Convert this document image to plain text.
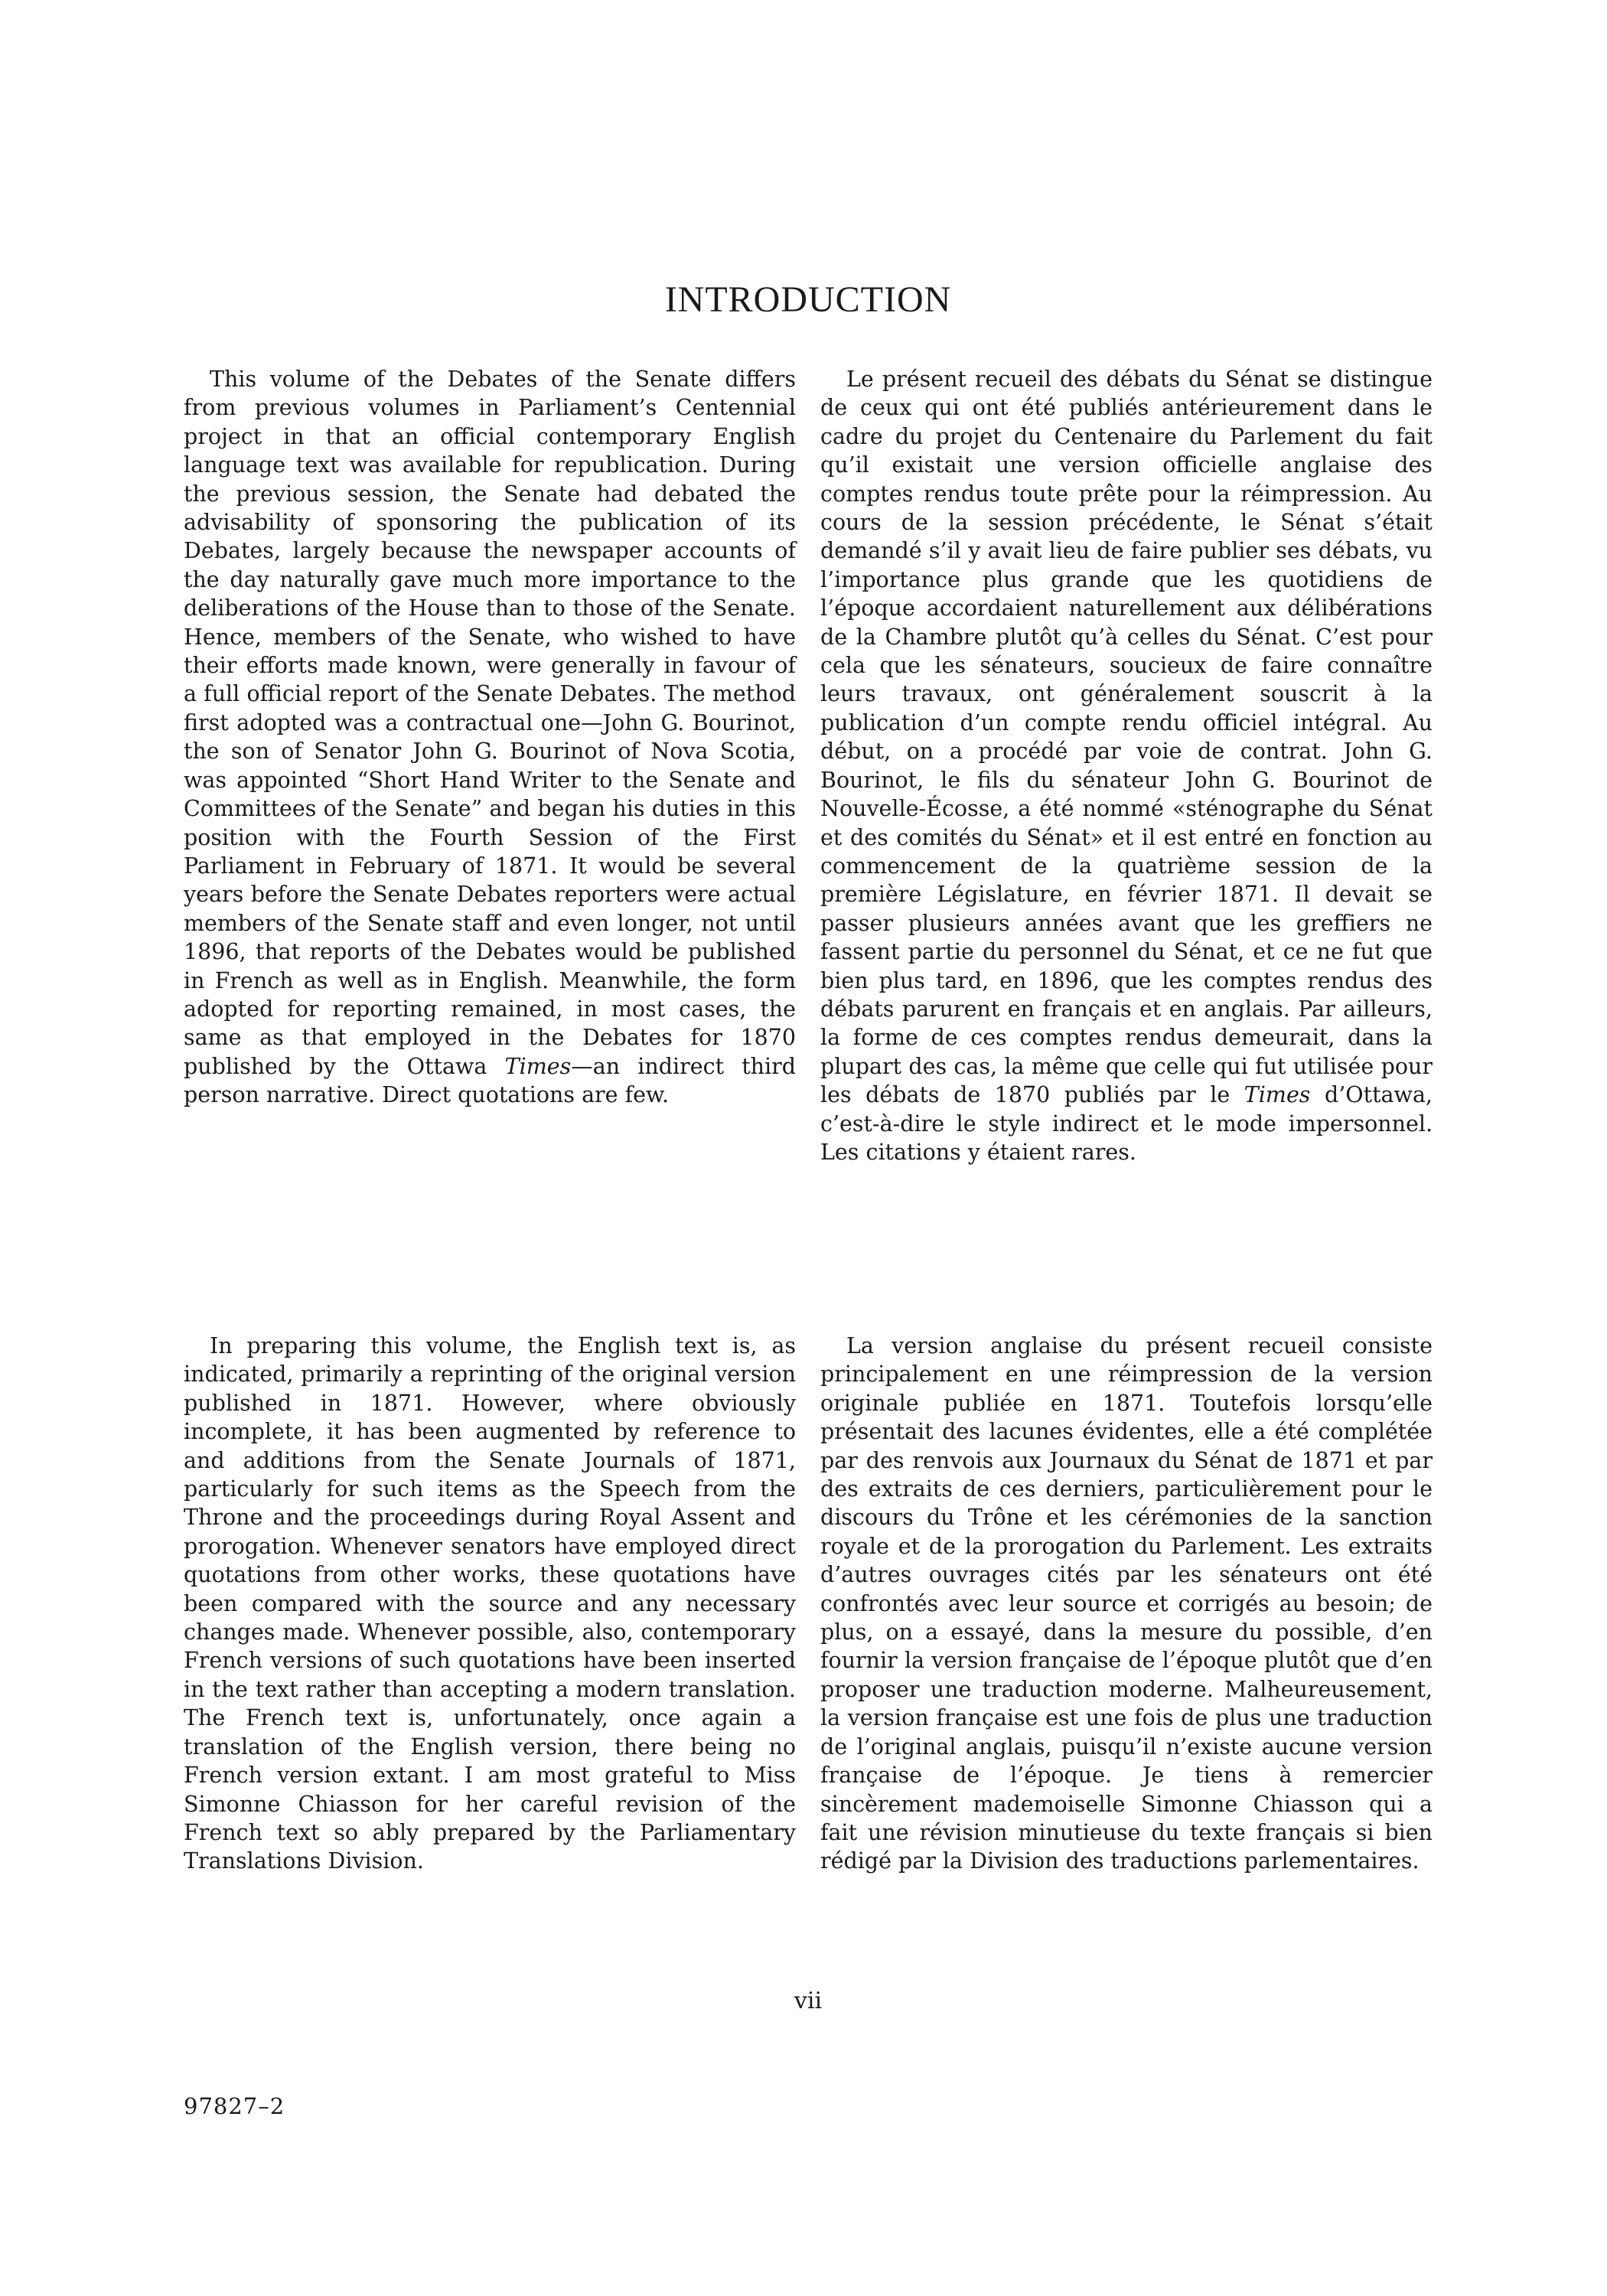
INTRODUCTION

This volume of the Debates of the Senate differs from previous volumes in Parliament’s Centennial project in that an official contemporary English language text was available for republication. During the previous session, the Senate had debated the advisability of sponsoring the publication of its Debates, largely because the newspaper accounts of the day naturally gave much more importance to the deliberations of the House than to those of the Senate. Hence, members of the Senate, who wished to have their efforts made known, were generally in favour of a full official report of the Senate Debates. The method first adopted was a contractual one—John G. Bourinot, the son of Senator John G. Bourinot of Nova Scotia, was appointed “Short Hand Writer to the Senate and Committees of the Senate” and began his duties in this position with the Fourth Session of the First Parliament in February of 1871. It would be several years before the Senate Debates reporters were actual members of the Senate staff and even longer, not until 1896, that reports of the Debates would be published in French as well as in English. Meanwhile, the form adopted for reporting remained, in most cases, the same as that employed in the Debates for 1870 published by the Ottawa Times—an indirect third person narrative. Direct quotations are few.

Le présent recueil des débats du Sénat se distingue de ceux qui ont été publiés antérieurement dans le cadre du projet du Centenaire du Parlement du fait qu’il existait une version officielle anglaise des comptes rendus toute prête pour la réimpression. Au cours de la session précédente, le Sénat s’était demandé s’il y avait lieu de faire publier ses débats, vu l’importance plus grande que les quotidiens de l’époque accordaient naturellement aux délibérations de la Chambre plutôt qu’à celles du Sénat. C’est pour cela que les sénateurs, soucieux de faire connaître leurs travaux, ont généralement souscrit à la publication d’un compte rendu officiel intégral. Au début, on a procédé par voie de contrat. John G. Bourinot, le fils du sénateur John G. Bourinot de Nouvelle-Écosse, a été nommé «sténographe du Sénat et des comités du Sénat» et il est entré en fonction au commencement de la quatrième session de la première Législature, en février 1871. Il devait se passer plusieurs années avant que les greffiers ne fassent partie du personnel du Sénat, et ce ne fut que bien plus tard, en 1896, que les comptes rendus des débats parurent en français et en anglais. Par ailleurs, la forme de ces comptes rendus demeurait, dans la plupart des cas, la même que celle qui fut utilisée pour les débats de 1870 publiés par le Times d’Ottawa, c’est-à-dire le style indirect et le mode impersonnel. Les citations y étaient rares.

In preparing this volume, the English text is, as indicated, primarily a reprinting of the original version published in 1871. However, where obviously incomplete, it has been augmented by reference to and additions from the Senate Journals of 1871, particularly for such items as the Speech from the Throne and the proceedings during Royal Assent and prorogation. Whenever senators have employed direct quotations from other works, these quotations have been compared with the source and any necessary changes made. Whenever possible, also, contemporary French versions of such quotations have been inserted in the text rather than accepting a modern translation. The French text is, unfortunately, once again a translation of the English version, there being no French version extant. I am most grateful to Miss Simonne Chiasson for her careful revision of the French text so ably prepared by the Parliamentary Translations Division.

La version anglaise du présent recueil consiste principalement en une réimpression de la version originale publiée en 1871. Toutefois lorsqu’elle présentait des lacunes évidentes, elle a été complétée par des renvois aux Journaux du Sénat de 1871 et par des extraits de ces derniers, particulièrement pour le discours du Trône et les cérémonies de la sanction royale et de la prorogation du Parlement. Les extraits d’autres ouvrages cités par les sénateurs ont été confrontés avec leur source et corrigés au besoin; de plus, on a essayé, dans la mesure du possible, d’en fournir la version française de l’époque plutôt que d’en proposer une traduction moderne. Malheureusement, la version française est une fois de plus une traduction de l’original anglais, puisqu’il n’existe aucune version française de l’époque. Je tiens à remercier sincèrement mademoiselle Simonne Chiasson qui a fait une révision minutieuse du texte français si bien rédigé par la Division des traductions parlementaires.

vii
97827–2
